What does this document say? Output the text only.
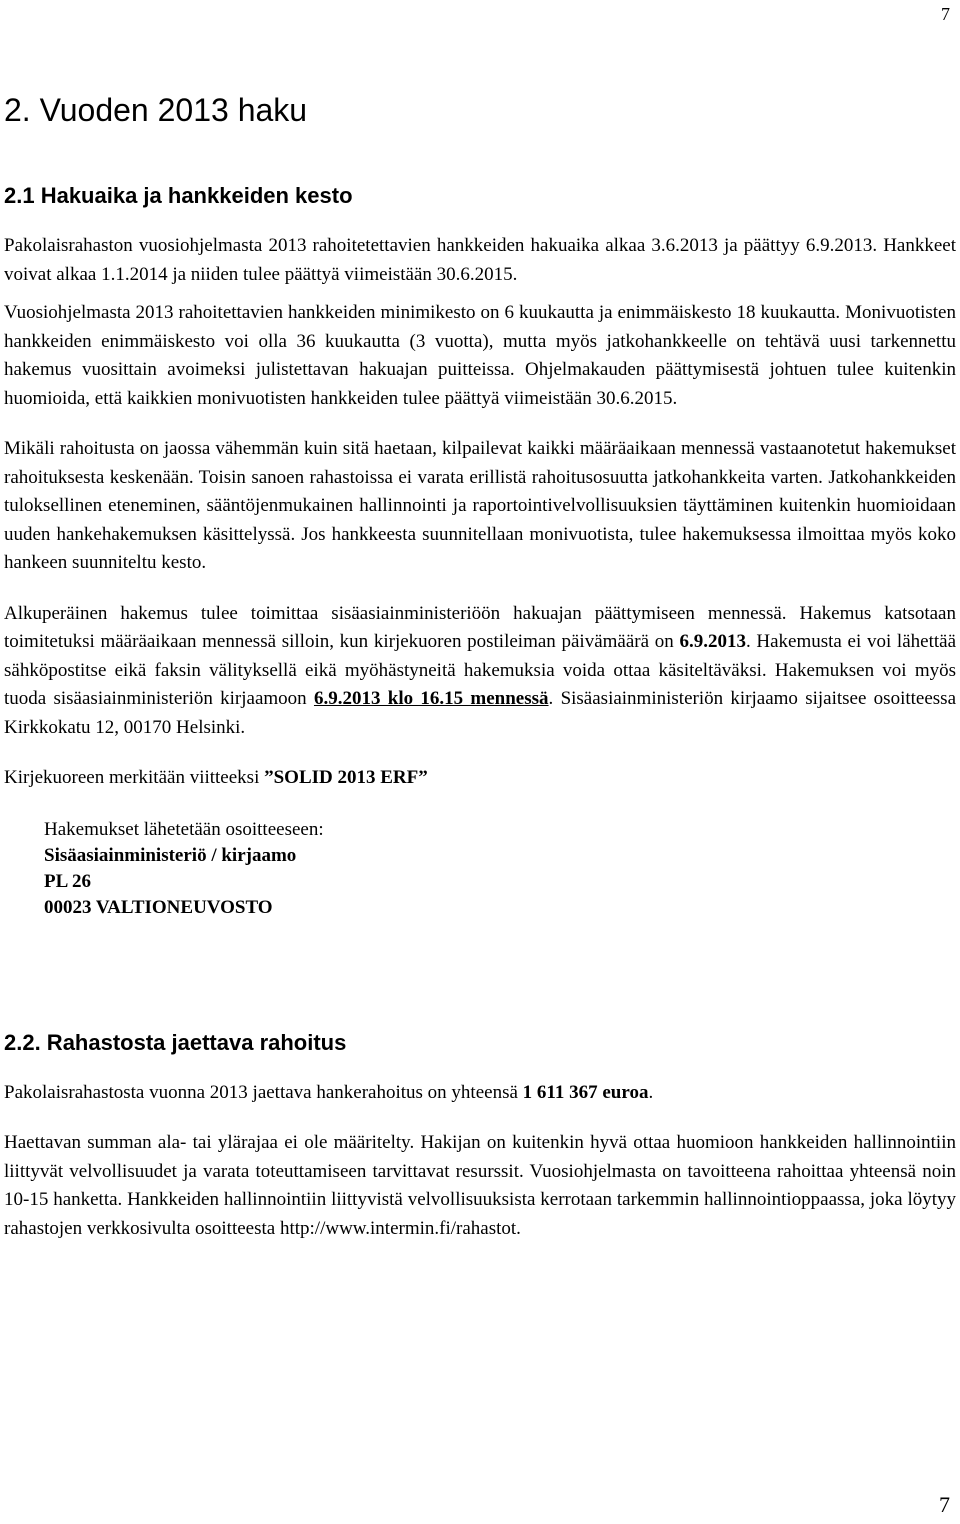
7
2. Vuoden 2013 haku
2.1 Hakuaika ja hankkeiden kesto

Pakolaisrahaston vuosiohjelmasta 2013 rahoitetettavien hankkeiden hakuaika alkaa 3.6.2013 ja päättyy 6.9.2013. Hankkeet voivat alkaa 1.1.2014 ja niiden tulee päättyä viimeistään 30.6.2015.

Vuosiohjelmasta 2013 rahoitettavien hankkeiden minimikesto on 6 kuukautta ja enimmäiskesto 18 kuukautta. Monivuotisten hankkeiden enimmäiskesto voi olla 36 kuukautta (3 vuotta), mutta myös jatkohankkeelle on tehtävä uusi tarkennettu hakemus vuosittain avoimeksi julistettavan hakuajan puitteissa. Ohjelmakauden päättymisestä johtuen tulee kuitenkin huomioida, että kaikkien monivuotisten hankkeiden tulee päättyä viimeistään 30.6.2015.

Mikäli rahoitusta on jaossa vähemmän kuin sitä haetaan, kilpailevat kaikki määräaikaan mennessä vastaanotetut hakemukset rahoituksesta keskenään. Toisin sanoen rahastoissa ei varata erillistä rahoitusosuutta jatkohankkeita varten. Jatkohankkeiden tuloksellinen eteneminen, sääntöjenmukainen hallinnointi ja raportointivelvollisuuksien täyttäminen kuitenkin huomioidaan uuden hankehakemuksen käsittelyssä. Jos hankkeesta suunnitellaan monivuotista, tulee hakemuksessa ilmoittaa myös koko hankeen suunniteltu kesto.

Alkuperäinen hakemus tulee toimittaa sisäasiainministeriöön hakuajan päättymiseen mennessä. Hakemus katsotaan toimitetuksi määräaikaan mennessä silloin, kun kirjekuoren postileiman päivämäärä on 6.9.2013. Hakemusta ei voi lähettää sähköpostitse eikä faksin välityksellä eikä myöhästyneitä hakemuksia voida ottaa käsiteltäväksi. Hakemuksen voi myös tuoda sisäasiainministeriön kirjaamoon 6.9.2013 klo 16.15 mennessä. Sisäasiainministeriön kirjaamo sijaitsee osoitteessa Kirkkokatu 12, 00170 Helsinki.

Kirjekuoreen merkitään viitteeksi ”SOLID 2013 ERF”

Hakemukset lähetetään osoitteeseen:
Sisäasiainministeriö / kirjaamo
PL 26
00023 VALTIONEUVOSTO
2.2. Rahastosta jaettava rahoitus

Pakolaisrahastosta vuonna 2013 jaettava hankerahoitus on yhteensä 1 611 367 euroa.

Haettavan summan ala- tai ylärajaa ei ole määritelty. Hakijan on kuitenkin hyvä ottaa huomioon hankkeiden hallinnointiin liittyvät velvollisuudet ja varata toteuttamiseen tarvittavat resurssit. Vuosiohjelmasta on tavoitteena rahoittaa yhteensä noin 10-15 hanketta. Hankkeiden hallinnointiin liittyvistä velvollisuuksista kerrotaan tarkemmin hallinnointioppaassa, joka löytyy rahastojen verkkosivulta osoitteesta http://www.intermin.fi/rahastot.

7
